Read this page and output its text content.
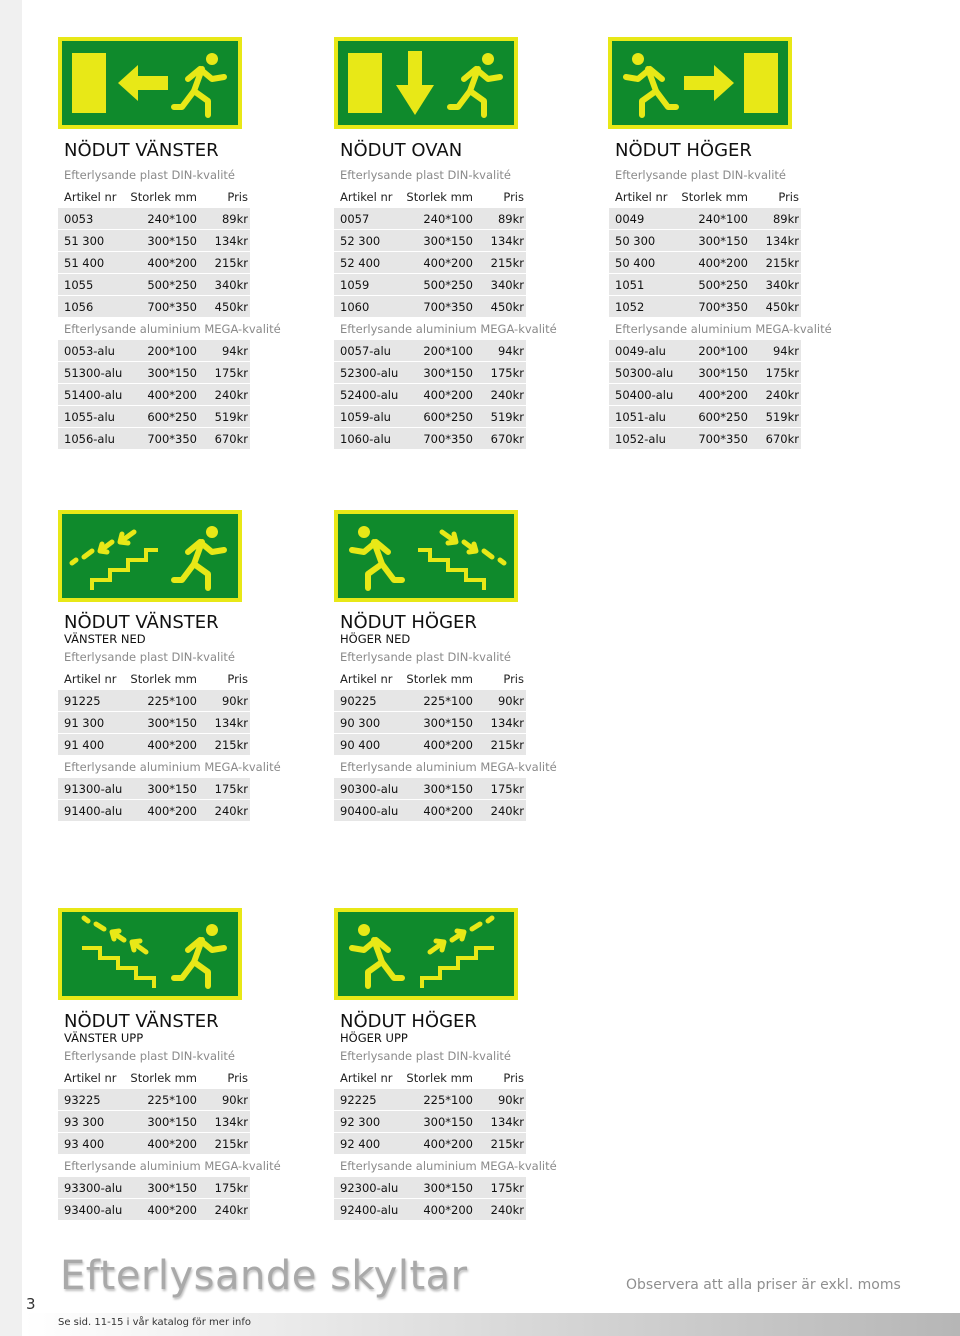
NÖDUT VÄNSTER
Efterlysande plast DIN-kvalité
Artikel nr	Storlek mm	Pris
0053	240*100	89kr
51 300	300*150	134kr
51 400	400*200	215kr
1055	500*250	340kr
1056	700*350	450kr
Efterlysande aluminium MEGA-kvalité
0053-alu	200*100	94kr
51300-alu	300*150	175kr
51400-alu	400*200	240kr
1055-alu	600*250	519kr
1056-alu	700*350	670kr
NÖDUT OVAN
Efterlysande plast DIN-kvalité
Artikel nr	Storlek mm	Pris
0057	240*100	89kr
52 300	300*150	134kr
52 400	400*200	215kr
1059	500*250	340kr
1060	700*350	450kr
Efterlysande aluminium MEGA-kvalité
0057-alu	200*100	94kr
52300-alu	300*150	175kr
52400-alu	400*200	240kr
1059-alu	600*250	519kr
1060-alu	700*350	670kr
NÖDUT HÖGER
Efterlysande plast DIN-kvalité
Artikel nr	Storlek mm	Pris
0049	240*100	89kr
50 300	300*150	134kr
50 400	400*200	215kr
1051	500*250	340kr
1052	700*350	450kr
Efterlysande aluminium MEGA-kvalité
0049-alu	200*100	94kr
50300-alu	300*150	175kr
50400-alu	400*200	240kr
1051-alu	600*250	519kr
1052-alu	700*350	670kr
NÖDUT VÄNSTER
VÄNSTER NED
Efterlysande plast DIN-kvalité
Artikel nr	Storlek mm	Pris
91225	225*100	90kr
91 300	300*150	134kr
91 400	400*200	215kr
Efterlysande aluminium MEGA-kvalité
91300-alu	300*150	175kr
91400-alu	400*200	240kr
NÖDUT HÖGER
HÖGER NED
Efterlysande plast DIN-kvalité
Artikel nr	Storlek mm	Pris
90225	225*100	90kr
90 300	300*150	134kr
90 400	400*200	215kr
Efterlysande aluminium MEGA-kvalité
90300-alu	300*150	175kr
90400-alu	400*200	240kr
NÖDUT VÄNSTER
VÄNSTER UPP
Efterlysande plast DIN-kvalité
Artikel nr	Storlek mm	Pris
93225	225*100	90kr
93 300	300*150	134kr
93 400	400*200	215kr
Efterlysande aluminium MEGA-kvalité
93300-alu	300*150	175kr
93400-alu	400*200	240kr
NÖDUT HÖGER
HÖGER UPP
Efterlysande plast DIN-kvalité
Artikel nr	Storlek mm	Pris
92225	225*100	90kr
92 300	300*150	134kr
92 400	400*200	215kr
Efterlysande aluminium MEGA-kvalité
92300-alu	300*150	175kr
92400-alu	400*200	240kr
Efterlysande skyltar	Observera att alla priser är exkl. moms
3
Se sid. 11-15 i vår katalog för mer info
